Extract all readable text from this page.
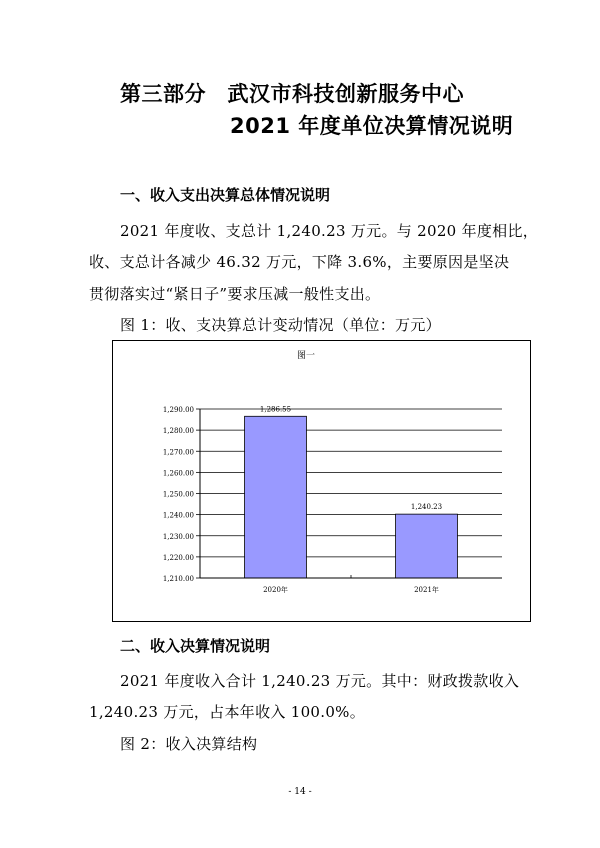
第三部分　武汉市科技创新服务中心
2021 年度单位决算情况说明
一、收入支出决算总体情况说明
2021 年度收、支总计 1,240.23 万元。与 2020 年度相比，
收、支总计各减少 46.32 万元，下降 3.6%，主要原因是坚决
贯彻落实过“紧日子”要求压减一般性支出。
图 1：收、支决算总计变动情况（单位：万元）
图一
1,210.00
1,220.00
1,230.00
1,240.00
1,250.00
1,260.00
1,270.00
1,280.00
1,290.00	1,286.55
1,240.23
2020年	2021年
二、收入决算情况说明
2021 年度收入合计 1,240.23 万元。其中：财政拨款收入
1,240.23 万元，占本年收入 100.0%。
图 2：收入决算结构
- 14 -
